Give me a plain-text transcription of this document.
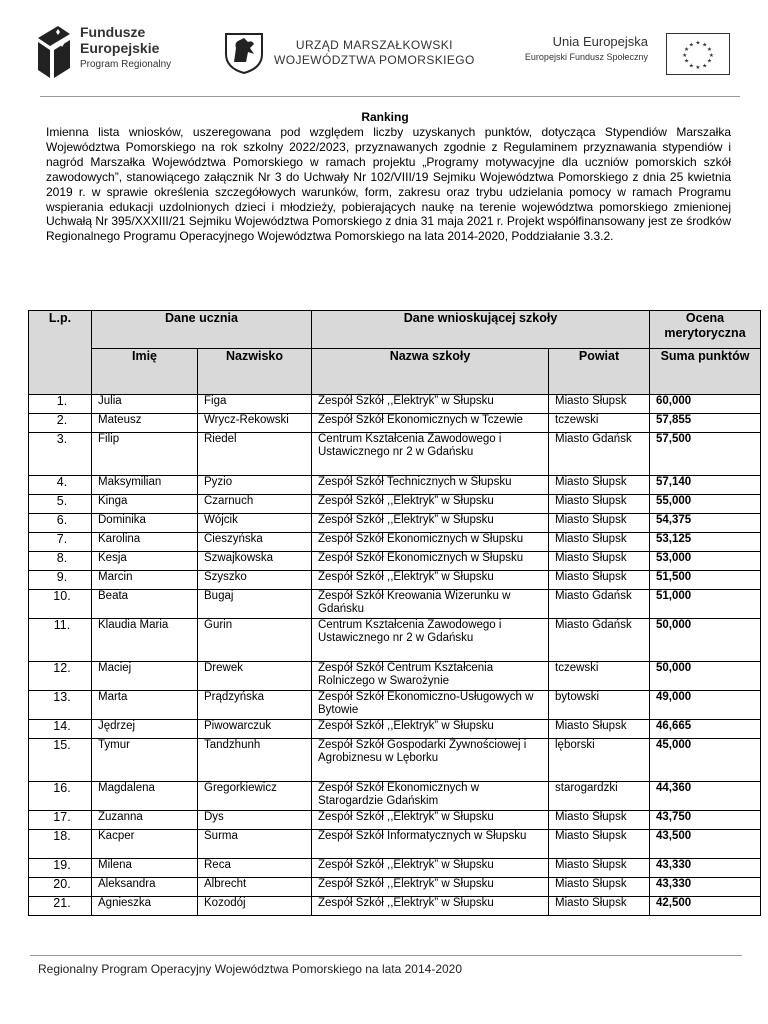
Fundusze
Europejskie
Program Regionalny
URZĄD MARSZAŁKOWSKI
WOJEWÓDZTWA POMORSKIEGO
Unia Europejska
Europejski Fundusz Społeczny
★ ★
★
★
★
★
★
★
★
★
★
★
Ranking

Imienna lista wniosków, uszeregowana pod względem liczby uzyskanych punktów, dotycząca Stypendiów Marszałka Województwa Pomorskiego na rok szkolny 2022/2023, przyznawanych zgodnie z Regulaminem przyznawania stypendiów i nagród Marszałka Województwa Pomorskiego w ramach projektu „Programy motywacyjne dla uczniów pomorskich szkół zawodowych”, stanowiącego załącznik Nr 3 do Uchwały Nr 102/VIII/19 Sejmiku Województwa Pomorskiego z dnia 25 kwietnia 2019 r. w sprawie określenia szczegółowych warunków, form, zakresu oraz trybu udzielania pomocy w ramach Programu wspierania edukacji uzdolnionych dzieci i młodzieży, pobierających naukę na terenie województwa pomorskiego zmienionej Uchwałą Nr 395/XXXIII/21 Sejmiku Województwa Pomorskiego z dnia 31 maja 2021 r. Projekt współfinansowany jest ze środków Regionalnego Programu Operacyjnego Województwa Pomorskiego na lata 2014-2020, Poddziałanie 3.3.2.

L.p.	Dane ucznia		Dane wnioskującej szkoły		Ocena merytoryczna
	Imię	Nazwisko	Nazwa szkoły	Powiat	Suma punktów
1.	Julia	Figa	Zespół Szkół ,,Elektryk” w Słupsku	Miasto Słupsk	60,000
2.	Mateusz	Wrycz-Rekowski	Zespół Szkół Ekonomicznych w Tczewie	tczewski	57,855
3.	Filip	Riedel	Centrum Kształcenia Zawodowego i Ustawicznego nr 2 w Gdańsku	Miasto Gdańsk	57,500
4.	Maksymilian	Pyzio	Zespół Szkół Technicznych w Słupsku	Miasto Słupsk	57,140
5.	Kinga	Czarnuch	Zespół Szkół ,,Elektryk” w Słupsku	Miasto Słupsk	55,000
6.	Dominika	Wójcik	Zespół Szkół ,,Elektryk” w Słupsku	Miasto Słupsk	54,375
7.	Karolina	Cieszyńska	Zespół Szkół Ekonomicznych w Słupsku	Miasto Słupsk	53,125
8.	Kesja	Szwajkowska	Zespół Szkół Ekonomicznych w Słupsku	Miasto Słupsk	53,000
9.	Marcin	Szyszko	Zespół Szkół ,,Elektryk” w Słupsku	Miasto Słupsk	51,500
10.	Beata	Bugaj	Zespół Szkół Kreowania Wizerunku w Gdańsku	Miasto Gdańsk	51,000
11.	Klaudia Maria	Gurin	Centrum Kształcenia Zawodowego i Ustawicznego nr 2 w Gdańsku	Miasto Gdańsk	50,000
12.	Maciej	Drewek	Zespół Szkół Centrum Kształcenia Rolniczego w Swarożynie	tczewski	50,000
13.	Marta	Prądzyńska	Zespół Szkół Ekonomiczno-Usługowych w Bytowie	bytowski	49,000
14.	Jędrzej	Piwowarczuk	Zespół Szkół ,,Elektryk” w Słupsku	Miasto Słupsk	46,665
15.	Tymur	Tandzhunh	Zespół Szkół Gospodarki Żywnościowej i Agrobiznesu w Lęborku	lęborski	45,000
16.	Magdalena	Gregorkiewicz	Zespół Szkół Ekonomicznych w Starogardzie Gdańskim	starogardzki	44,360
17.	Zuzanna	Dys	Zespół Szkół ,,Elektryk” w Słupsku	Miasto Słupsk	43,750
18.	Kacper	Surma	Zespół Szkół Informatycznych w Słupsku	Miasto Słupsk	43,500
19.	Milena	Reca	Zespół Szkół ,,Elektryk” w Słupsku	Miasto Słupsk	43,330
20.	Aleksandra	Albrecht	Zespół Szkół ,,Elektryk” w Słupsku	Miasto Słupsk	43,330
21.	Agnieszka	Kozodój	Zespół Szkół ,,Elektryk” w Słupsku	Miasto Słupsk	42,500
Regionalny Program Operacyjny Województwa Pomorskiego na lata 2014-2020
